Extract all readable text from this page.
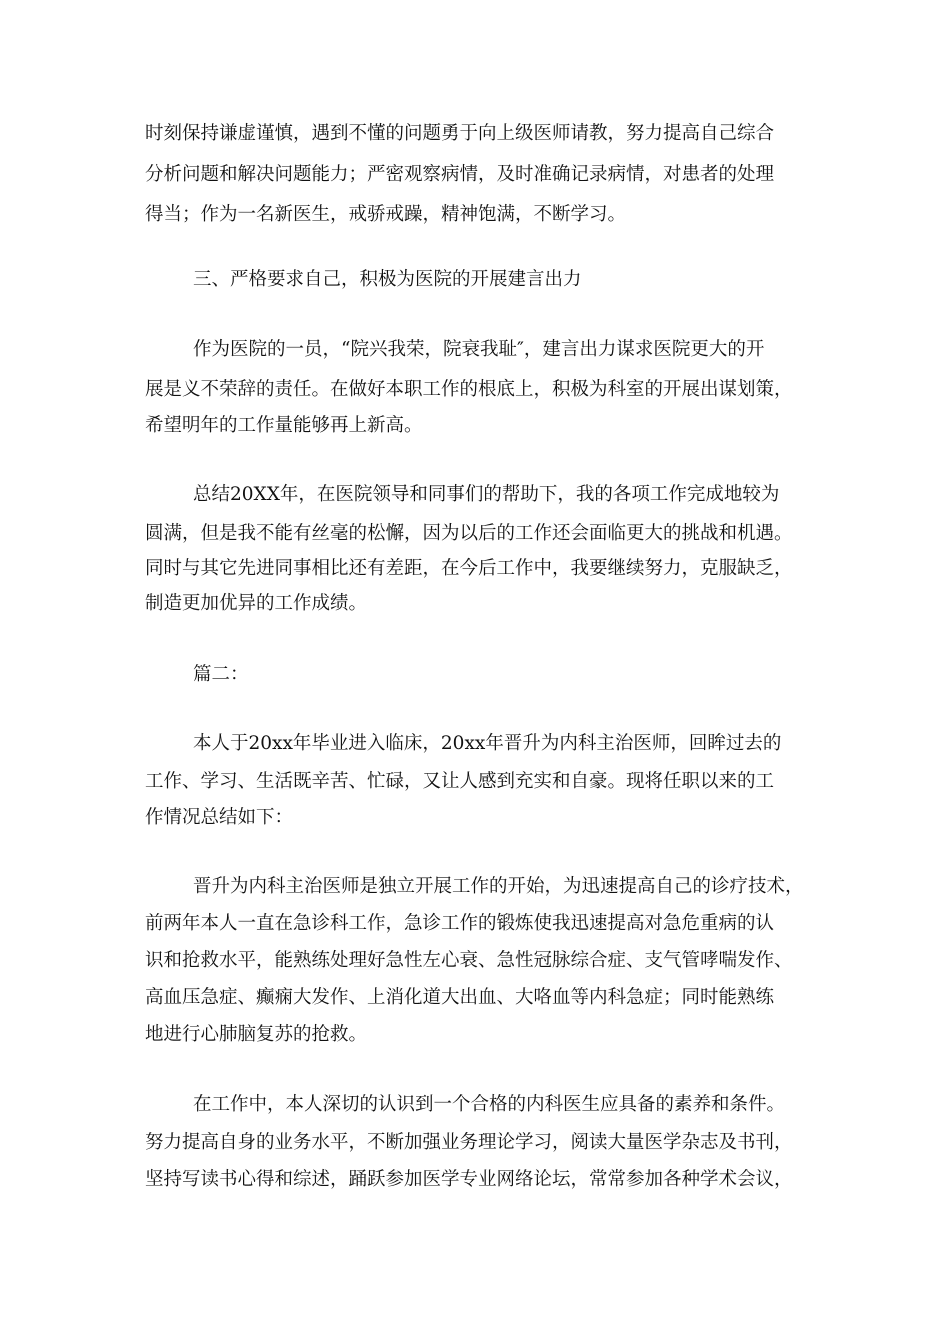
时刻保持谦虚谨慎，遇到不懂的问题勇于向上级医师请教，努力提高自己综合

分析问题和解决问题能力；严密观察病情，及时准确记录病情，对患者的处理

得当；作为一名新医生，戒骄戒躁，精神饱满，不断学习。

三、严格要求自己，积极为医院的开展建言出力

作为医院的一员，“院兴我荣，院衰我耻″，建言出力谋求医院更大的开

展是义不荣辞的责任。在做好本职工作的根底上，积极为科室的开展出谋划策，

希望明年的工作量能够再上新高。

总结20XX年，在医院领导和同事们的帮助下，我的各项工作完成地较为

圆满，但是我不能有丝毫的松懈，因为以后的工作还会面临更大的挑战和机遇。

同时与其它先进同事相比还有差距，在今后工作中，我要继续努力，克服缺乏，

制造更加优异的工作成绩。

篇二：

本人于20xx年毕业进入临床，20xx年晋升为内科主治医师，回眸过去的

工作、学习、生活既辛苦、忙碌，又让人感到充实和自豪。现将任职以来的工

作情况总结如下：

晋升为内科主治医师是独立开展工作的开始，为迅速提高自己的诊疗技术，

前两年本人一直在急诊科工作，急诊工作的锻炼使我迅速提高对急危重病的认

识和抢救水平，能熟练处理好急性左心衰、急性冠脉综合症、支气管哮喘发作、

高血压急症、癫痫大发作、上消化道大出血、大咯血等内科急症；同时能熟练

地进行心肺脑复苏的抢救。

在工作中，本人深切的认识到一个合格的内科医生应具备的素养和条件。

努力提高自身的业务水平，不断加强业务理论学习，阅读大量医学杂志及书刊，

坚持写读书心得和综述，踊跃参加医学专业网络论坛，常常参加各种学术会议，
